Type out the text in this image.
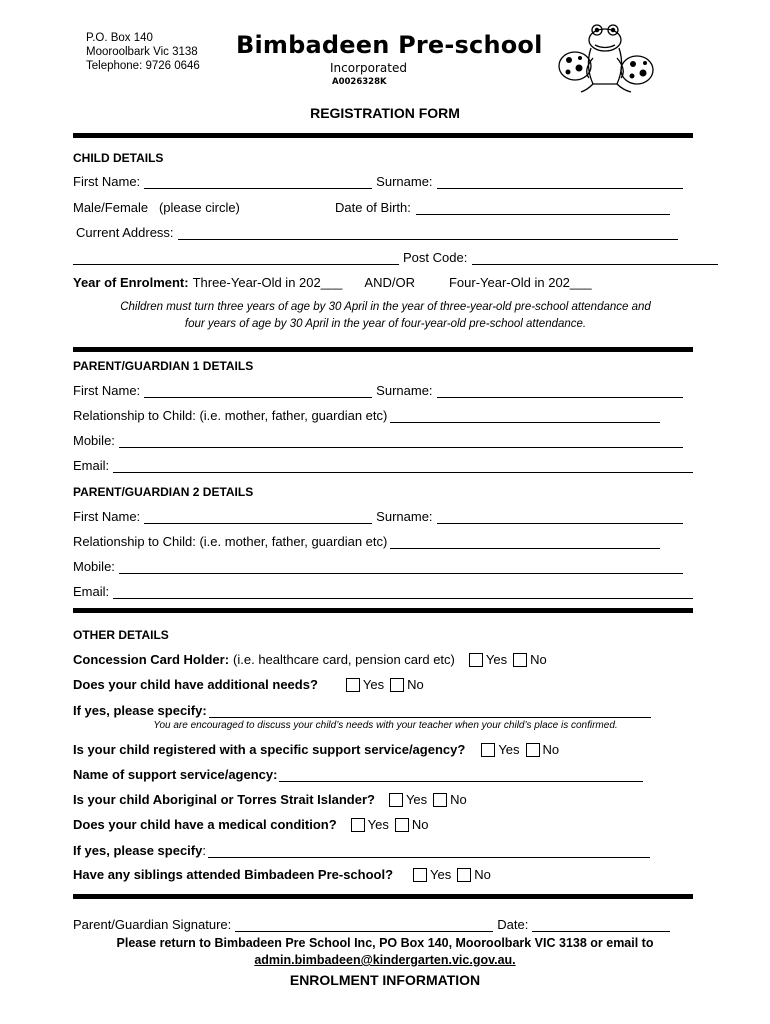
P.O. Box 140
Mooroolbark Vic 3138
Telephone: 9726 0646
Bimbadeen Pre-school
Incorporated
A0026328K
REGISTRATION FORM
CHILD DETAILS
First Name:	Surname:
Male/Female   (please circle)	Date of Birth:
Current Address:
Post Code:
Year of Enrolment: Three-Year-Old in 202___ AND/OR	Four-Year-Old in 202___
Children must turn three years of age by 30 April in the year of three-year-old pre-school attendance and
four years of age by 30 April in the year of four-year-old pre-school attendance.
PARENT/GUARDIAN 1 DETAILS
First Name:	Surname:
Relationship to Child: (i.e. mother, father, guardian etc)
Mobile:
Email:
PARENT/GUARDIAN 2 DETAILS
First Name:	Surname:
Relationship to Child: (i.e. mother, father, guardian etc)
Mobile:
Email:
OTHER DETAILS
Concession Card Holder: (i.e. healthcare card, pension card etc) Yes No
Does your child have additional needs?	Yes No
If yes, please specify:
You are encouraged to discuss your child’s needs with your teacher when your child’s place is confirmed.
Is your child registered with a specific support service/agency?	Yes No
Name of support service/agency:
Is your child Aboriginal or Torres Strait Islander? Yes No
Does your child have a medical condition? Yes No
If yes, please specify :
Have any siblings attended Bimbadeen Pre-school?	Yes No
Parent/Guardian Signature:	Date:
Please return to Bimbadeen Pre School Inc, PO Box 140, Mooroolbark VIC 3138 or email to
admin.bimbadeen@kindergarten.vic.gov.au.
ENROLMENT INFORMATION
